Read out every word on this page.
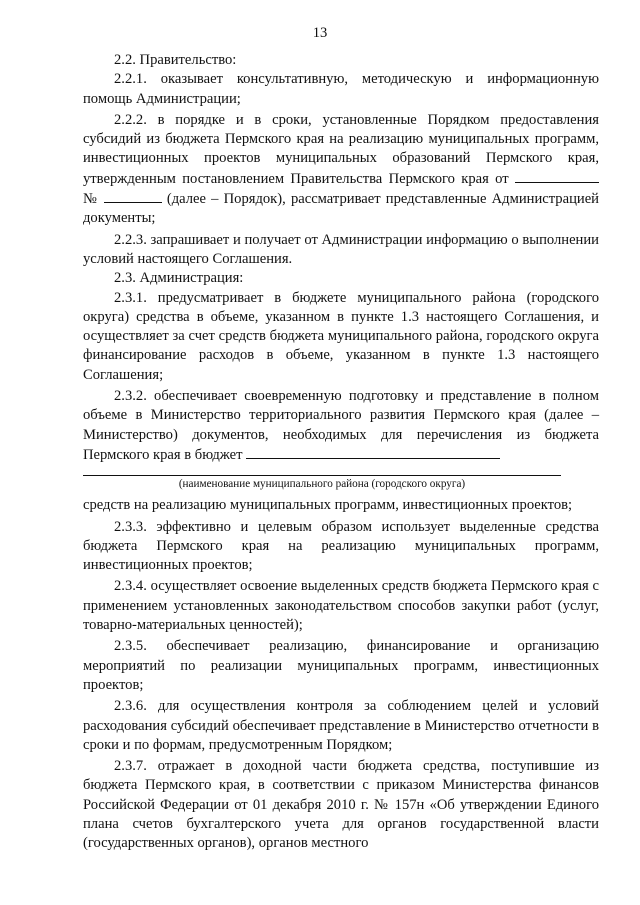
13

2.2. Правительство:

2.2.1. оказывает консультативную, методическую и информационную помощь Администрации;

2.2.2. в порядке и в сроки, установленные Порядком предоставления субсидий из бюджета Пермского края на реализацию муниципальных программ, инвестиционных проектов муниципальных образований Пермского края, утвержденным постановлением Правительства Пермского края от  №	(далее – Порядок), рассматривает представленные Администрацией документы;

2.2.3. запрашивает и получает от Администрации информацию о выполнении условий настоящего Соглашения.

2.3. Администрация:

2.3.1. предусматривает в бюджете муниципального района (городского округа) средства в объеме, указанном в пункте 1.3 настоящего Соглашения, и осуществляет за счет средств бюджета муниципального района, городского округа финансирование расходов в объеме, указанном в пункте 1.3 настоящего Соглашения;

2.3.2. обеспечивает своевременную подготовку и представление в полном объеме в Министерство территориального развития Пермского края (далее – Министерство) документов, необходимых для перечисления из бюджета Пермского края в бюджет

(наименование муниципального района (городского округа)

средств на реализацию муниципальных программ, инвестиционных проектов;

2.3.3. эффективно и целевым образом использует выделенные средства бюджета Пермского края на реализацию муниципальных программ, инвестиционных проектов;

2.3.4. осуществляет освоение выделенных средств бюджета Пермского края с применением установленных законодательством способов закупки работ (услуг, товарно-материальных ценностей);

2.3.5. обеспечивает реализацию, финансирование и организацию мероприятий по реализации муниципальных программ, инвестиционных проектов;

2.3.6. для осуществления контроля за соблюдением целей и условий расходования субсидий обеспечивает представление в Министерство отчетности в сроки и по формам, предусмотренным Порядком;

2.3.7. отражает в доходной части бюджета средства, поступившие из бюджета Пермского края, в соответствии с приказом Министерства финансов Российской Федерации от 01 декабря 2010 г. № 157н «Об утверждении Единого плана счетов бухгалтерского учета для органов государственной власти (государственных органов), органов местного
